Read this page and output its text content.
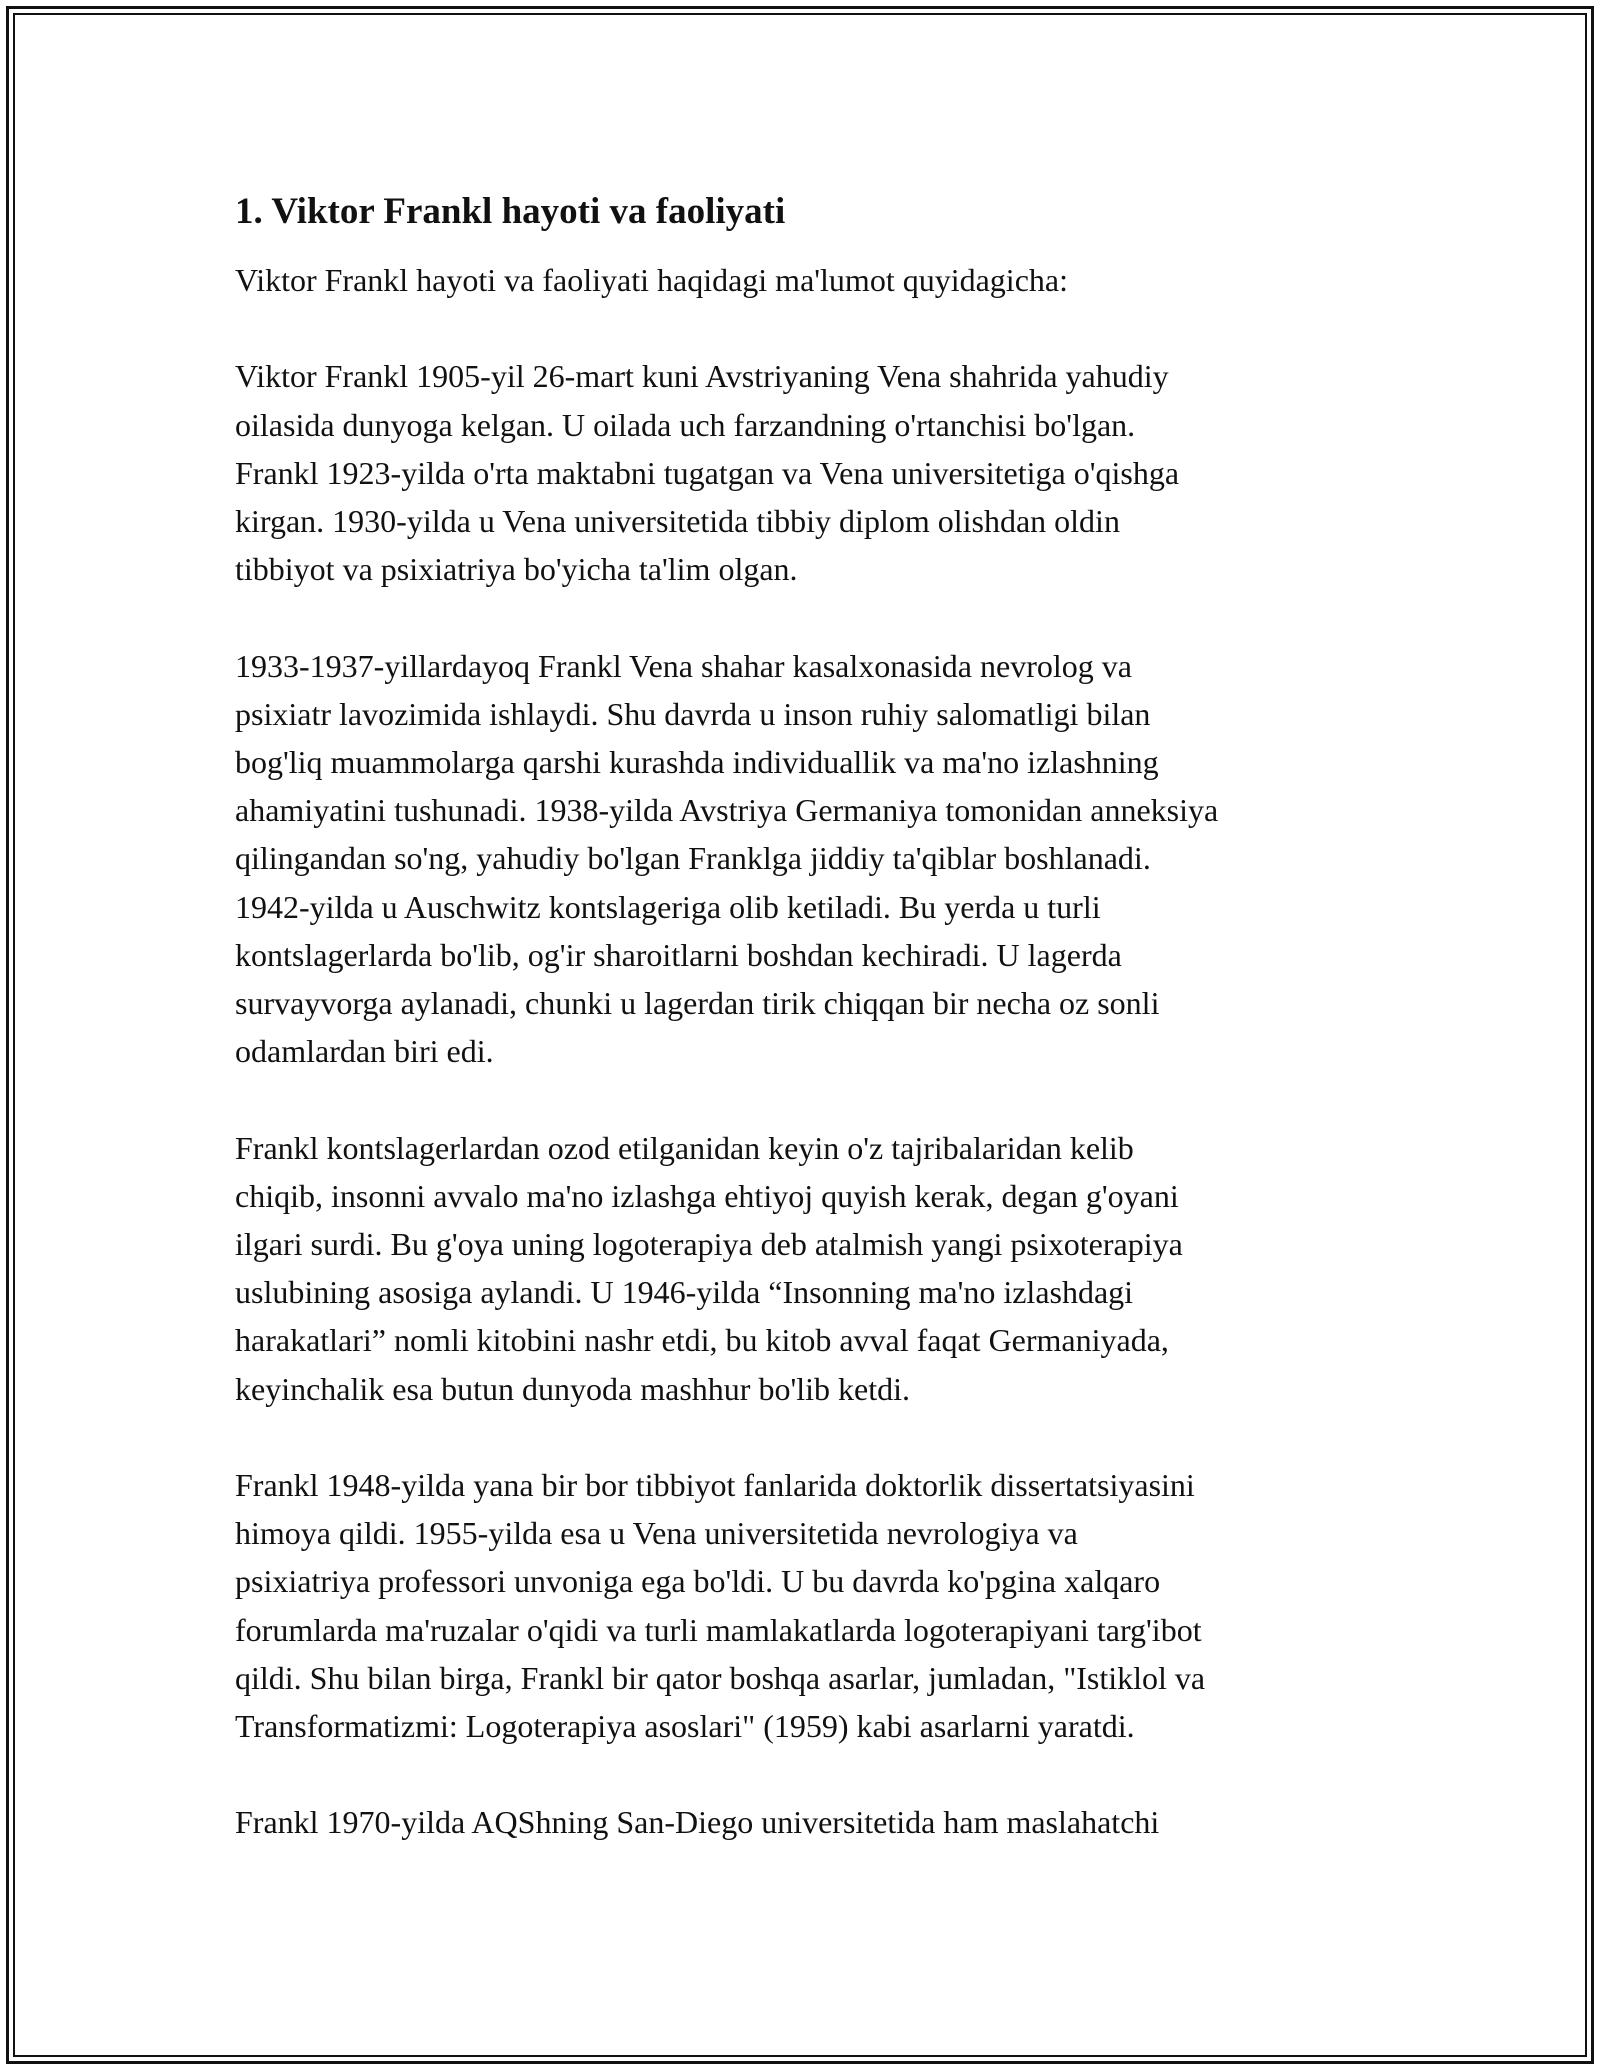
1. Viktor Frankl hayoti va faoliyati

Viktor Frankl hayoti va faoliyati haqidagi ma'lumot quyidagicha:

Viktor Frankl 1905-yil 26-mart kuni Avstriyaning Vena shahrida yahudiy
oilasida dunyoga kelgan. U oilada uch farzandning o'rtanchisi bo'lgan.
Frankl 1923-yilda o'rta maktabni tugatgan va Vena universitetiga o'qishga
kirgan. 1930-yilda u Vena universitetida tibbiy diplom olishdan oldin
tibbiyot va psixiatriya bo'yicha ta'lim olgan.

1933-1937-yillardayoq Frankl Vena shahar kasalxonasida nevrolog va
psixiatr lavozimida ishlaydi. Shu davrda u inson ruhiy salomatligi bilan
bog'liq muammolarga qarshi kurashda individuallik va ma'no izlashning
ahamiyatini tushunadi. 1938-yilda Avstriya Germaniya tomonidan anneksiya
qilingandan so'ng, yahudiy bo'lgan Franklga jiddiy ta'qiblar boshlanadi.
1942-yilda u Auschwitz kontslageriga olib ketiladi. Bu yerda u turli
kontslagerlarda bo'lib, og'ir sharoitlarni boshdan kechiradi. U lagerda
survayvorga aylanadi, chunki u lagerdan tirik chiqqan bir necha oz sonli
odamlardan biri edi.

Frankl kontslagerlardan ozod etilganidan keyin o'z tajribalaridan kelib
chiqib, insonni avvalo ma'no izlashga ehtiyoj quyish kerak, degan g'oyani
ilgari surdi. Bu g'oya uning logoterapiya deb atalmish yangi psixoterapiya
uslubining asosiga aylandi. U 1946-yilda “Insonning ma'no izlashdagi
harakatlari” nomli kitobini nashr etdi, bu kitob avval faqat Germaniyada,
keyinchalik esa butun dunyoda mashhur bo'lib ketdi.

Frankl 1948-yilda yana bir bor tibbiyot fanlarida doktorlik dissertatsiyasini
himoya qildi. 1955-yilda esa u Vena universitetida nevrologiya va
psixiatriya professori unvoniga ega bo'ldi. U bu davrda ko'pgina xalqaro
forumlarda ma'ruzalar o'qidi va turli mamlakatlarda logoterapiyani targ'ibot
qildi. Shu bilan birga, Frankl bir qator boshqa asarlar, jumladan, "Istiklol va
Transformatizmi: Logoterapiya asoslari" (1959) kabi asarlarni yaratdi.

Frankl 1970-yilda AQShning San-Diego universitetida ham maslahatchi
